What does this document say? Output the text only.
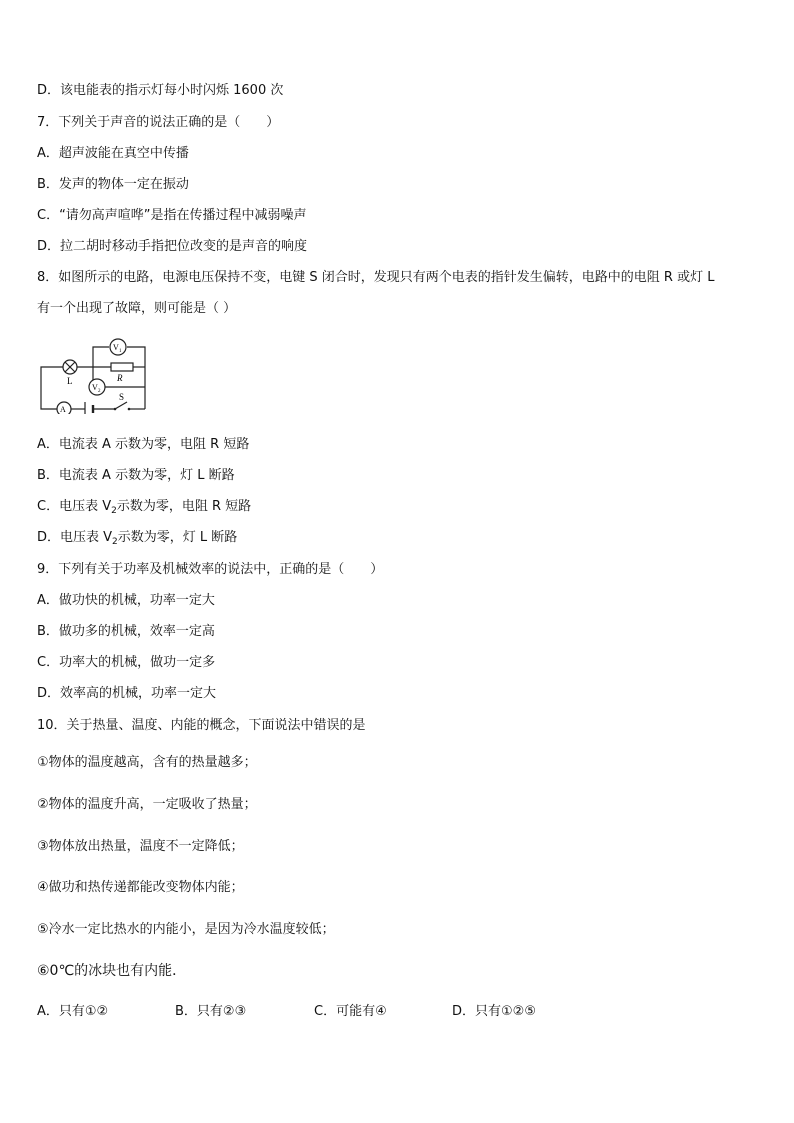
D．该电能表的指示灯每小时闪烁 1600 次
7．下列关于声音的说法正确的是（　　）
A．超声波能在真空中传播
B．发声的物体一定在振动
C．“请勿高声喧哗”是指在传播过程中减弱噪声
D．拉二胡时移动手指把位改变的是声音的响度
8．如图所示的电路，电源电压保持不变，电键 S 闭合时，发现只有两个电表的指针发生偏转，电路中的电阻 R 或灯 L
有一个出现了故障，则可能是（ ）
L
V 1
R
V 2
A
S
A．电流表 A 示数为零，电阻 R 短路
B．电流表 A 示数为零，灯 L 断路
C．电压表 $V_2$示数为零，电阻 R 短路
D．电压表 $V_2$示数为零，灯 L 断路
9．下列有关于功率及机械效率的说法中，正确的是（　　）
A．做功快的机械，功率一定大
B．做功多的机械，效率一定高
C．功率大的机械，做功一定多
D．效率高的机械，功率一定大
10．关于热量、温度、内能的概念，下面说法中错误的是
①物体的温度越高，含有的热量越多；
②物体的温度升高，一定吸收了热量；
③物体放出热量，温度不一定降低；
④做功和热传递都能改变物体内能；
⑤冷水一定比热水的内能小，是因为冷水温度较低；
⑥0℃的冰块也有内能．
A．只有①②	B．只有②③	C．可能有④	D．只有①②⑤
